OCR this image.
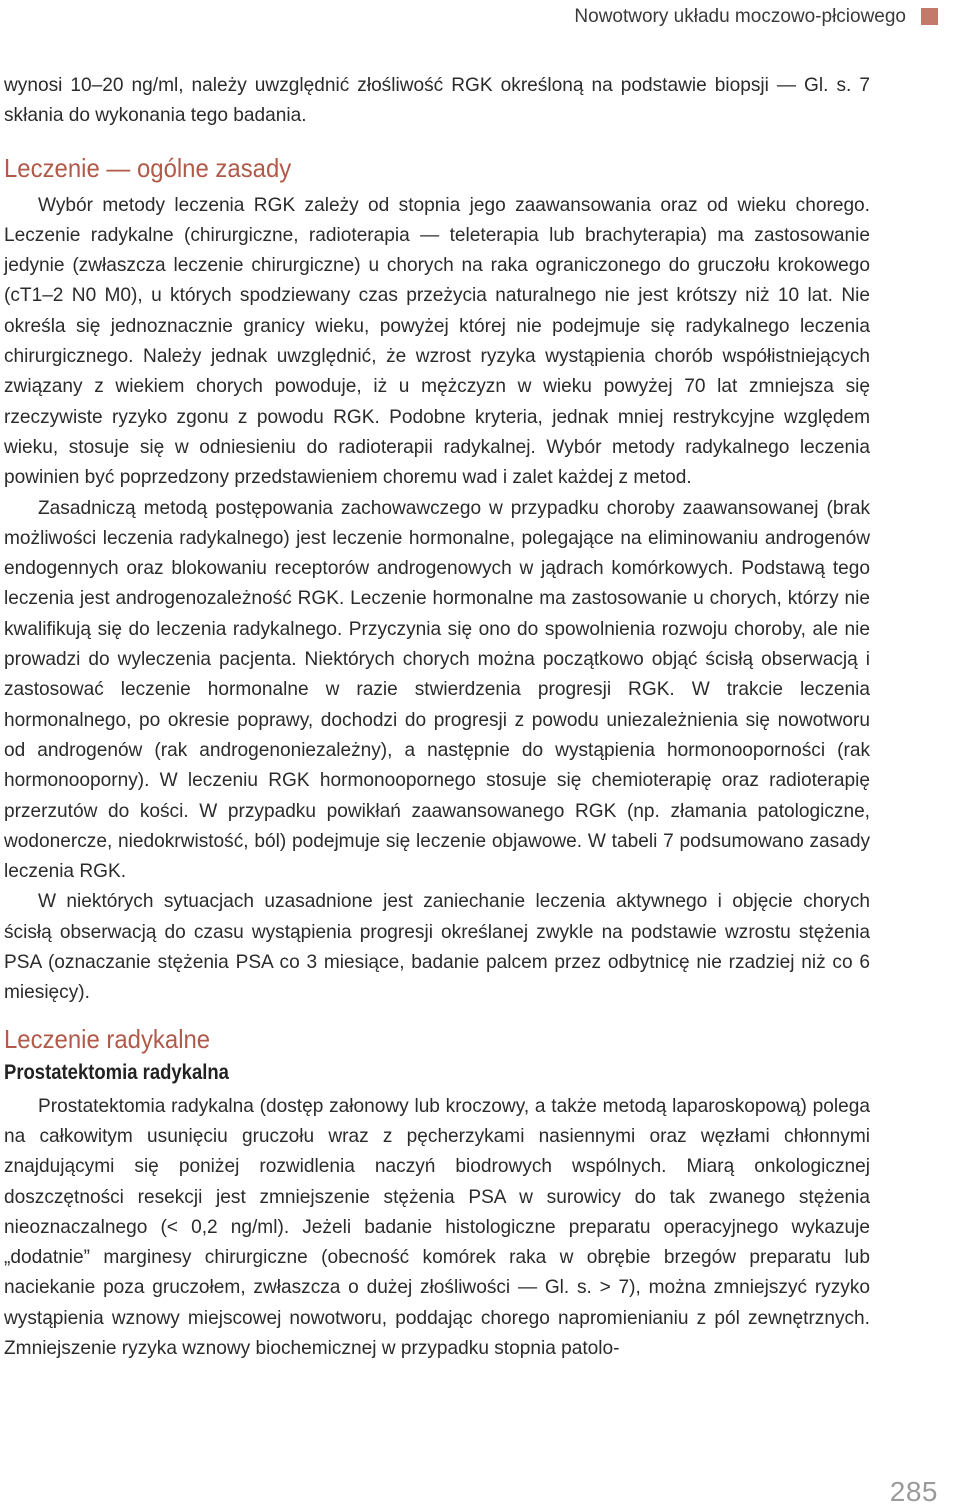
Nowotwory układu moczowo-płciowego

wynosi 10–20 ng/ml, należy uwzględnić złośliwość RGK określoną na podstawie biopsji — Gl. s. 7 skłania do wykonania tego badania.

Leczenie — ogólne zasady

Wybór metody leczenia RGK zależy od stopnia jego zaawansowania oraz od wieku chorego. Leczenie radykalne (chirurgiczne, radioterapia — teleterapia lub brachyterapia) ma zastosowanie jedynie (zwłaszcza leczenie chirurgiczne) u chorych na raka ograniczonego do gruczołu krokowego (cT1–2 N0 M0), u których spodziewany czas przeżycia naturalnego nie jest krótszy niż 10 lat. Nie określa się jednoznacznie granicy wieku, powyżej której nie podejmuje się radykalnego leczenia chirurgicznego. Należy jednak uwzględnić, że wzrost ryzyka wystąpienia chorób współistniejących związany z wiekiem chorych powoduje, iż u mężczyzn w wieku powyżej 70 lat zmniejsza się rzeczywiste ryzyko zgonu z powodu RGK. Podobne kryteria, jednak mniej restrykcyjne względem wieku, stosuje się w odniesieniu do radioterapii radykalnej. Wybór metody radykalnego leczenia powinien być poprzedzony przedstawieniem choremu wad i zalet każdej z metod.

Zasadniczą metodą postępowania zachowawczego w przypadku choroby zaawansowanej (brak możliwości leczenia radykalnego) jest leczenie hormonalne, polegające na eliminowaniu androgenów endogennych oraz blokowaniu receptorów androgenowych w jądrach komórkowych. Podstawą tego leczenia jest androgenozależność RGK. Leczenie hormonalne ma zastosowanie u chorych, którzy nie kwalifikują się do leczenia radykalnego. Przyczynia się ono do spowolnienia rozwoju choroby, ale nie prowadzi do wyleczenia pacjenta. Niektórych chorych można początkowo objąć ścisłą obserwacją i zastosować leczenie hormonalne w razie stwierdzenia progresji RGK. W trakcie leczenia hormonalnego, po okresie poprawy, dochodzi do progresji z powodu uniezależnienia się nowotworu od androgenów (rak androgenoniezależny), a następnie do wystąpienia hormonooporności (rak hormonooporny). W leczeniu RGK hormonoopornego stosuje się chemioterapię oraz radioterapię przerzutów do kości. W przypadku powikłań zaawansowanego RGK (np. złamania patologiczne, wodonercze, niedokrwistość, ból) podejmuje się leczenie objawowe. W tabeli 7 podsumowano zasady leczenia RGK.

W niektórych sytuacjach uzasadnione jest zaniechanie leczenia aktywnego i objęcie chorych ścisłą obserwacją do czasu wystąpienia progresji określanej zwykle na podstawie wzrostu stężenia PSA (oznaczanie stężenia PSA co 3 miesiące, badanie palcem przez odbytnicę nie rzadziej niż co 6 miesięcy).

Leczenie radykalne
Prostatektomia radykalna

Prostatektomia radykalna (dostęp załonowy lub kroczowy, a także metodą laparoskopową) polega na całkowitym usunięciu gruczołu wraz z pęcherzykami nasiennymi oraz węzłami chłonnymi znajdującymi się poniżej rozwidlenia naczyń biodrowych wspólnych. Miarą onkologicznej doszczętności resekcji jest zmniejszenie stężenia PSA w surowicy do tak zwanego stężenia nieoznaczalnego (< 0,2 ng/ml). Jeżeli badanie histologiczne preparatu operacyjnego wykazuje „dodatnie” marginesy chirurgiczne (obecność komórek raka w obrębie brzegów preparatu lub naciekanie poza gruczołem, zwłaszcza o dużej złośliwości — Gl. s. > 7), można zmniejszyć ryzyko wystąpienia wznowy miejscowej nowotworu, poddając chorego napromienianiu z pól zewnętrznych. Zmniejszenie ryzyka wznowy biochemicznej w przypadku stopnia patolo-

285
